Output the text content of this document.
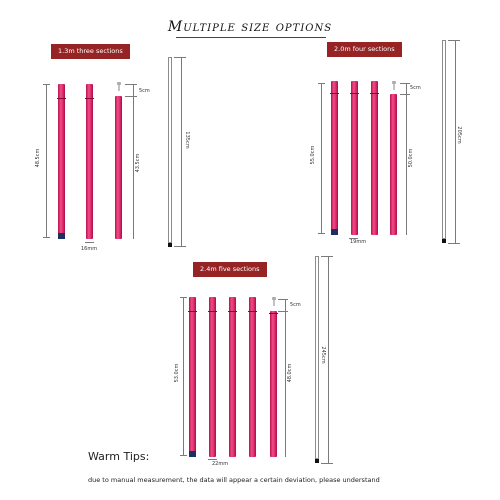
Multiple size options
1.3m three sections
48.5cm
5cm
43.5cm
16mm
135cm
2.0m four sections
55.0cm
5cm
50.0cm
19mm
205cm
2.4m five sections
53.0cm
5cm
48.0cm
22mm
245cm
Warm Tips:
due to manual measurement, the data will appear a certain deviation, please understand
